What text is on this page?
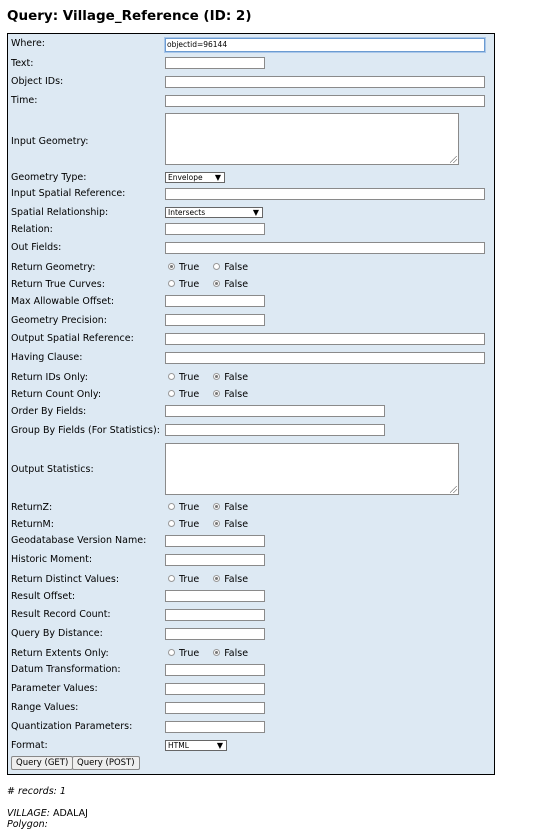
Query: Village_Reference (ID: 2)
Where:	objectid=96144
Text:
Object IDs:
Time:
Input Geometry:
Geometry Type:	Envelope ▼
Input Spatial Reference:
Spatial Relationship:	Intersects	▼
Relation:
Out Fields:
Return Geometry:	True	False
Return True Curves:	True	False
Max Allowable Offset:
Geometry Precision:
Output Spatial Reference:
Having Clause:
Return IDs Only:	True	False
Return Count Only:	True	False
Order By Fields:
Group By Fields (For Statistics):
Output Statistics:
ReturnZ:	True	False
ReturnM:	True	False
Geodatabase Version Name:
Historic Moment:
Return Distinct Values:	True	False
Result Offset:
Result Record Count:
Query By Distance:
Return Extents Only:	True	False
Datum Transformation:
Parameter Values:
Range Values:
Quantization Parameters:
Format:	HTML	▼
Query (GET)	Query (POST)
# records: 1
VILLAGE: ADALAJ
Polygon:
